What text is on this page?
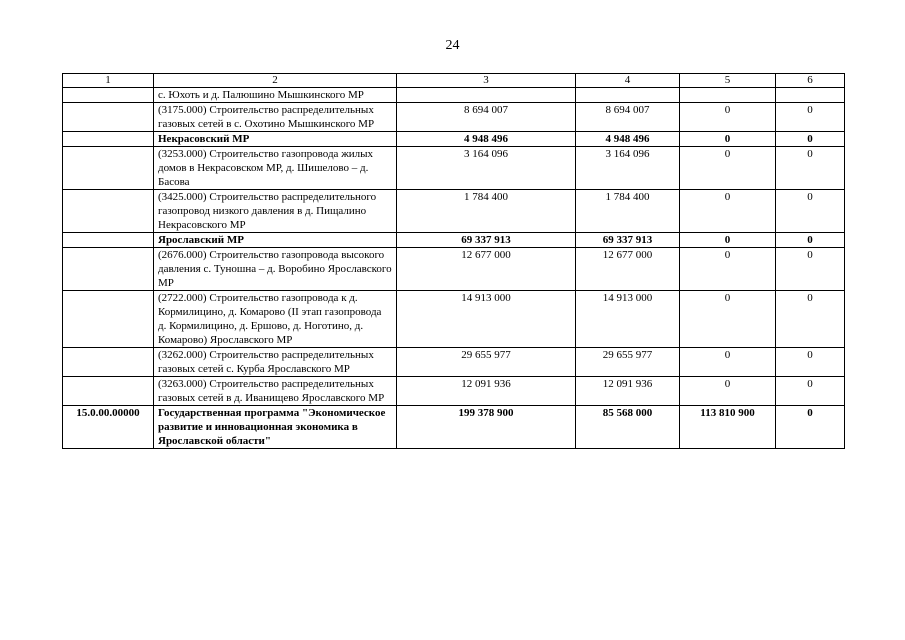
24
1	2	3	4	5	6
	с. Юхоть и д. Палюшино Мышкинского МР				
	(3175.000) Строительство распределительных газовых сетей в с. Охотино Мышкинского МР	8 694 007	8 694 007	0	0
	Некрасовский МР	4 948 496	4 948 496	0	0
	(3253.000) Строительство газопровода жилых домов в Некрасовском МР, д. Шишелово – д. Басова	3 164 096	3 164 096	0	0
	(3425.000) Строительство распределительного газопровод низкого давления в д. Пищалино Некрасовского МР	1 784 400	1 784 400	0	0
	Ярославский МР	69 337 913	69 337 913	0	0
	(2676.000) Строительство газопровода высокого давления с. Туношна – д. Воробино Ярославского МР	12 677 000	12 677 000	0	0
	(2722.000) Строительство газопровода к д. Кормилицино, д. Комарово (II этап газопровода д. Кормилицино, д. Ершово, д. Ноготино, д. Комарово) Ярославского МР	14 913 000	14 913 000	0	0
	(3262.000) Строительство распределительных газовых сетей с. Курба Ярославского МР	29 655 977	29 655 977	0	0
	(3263.000) Строительство распределительных газовых сетей в д. Иванищево Ярославского МР	12 091 936	12 091 936	0	0
15.0.00.00000	Государственная программа "Экономическое развитие и инновационная экономика в Ярославской области"	199 378 900	85 568 000	113 810 900	0
